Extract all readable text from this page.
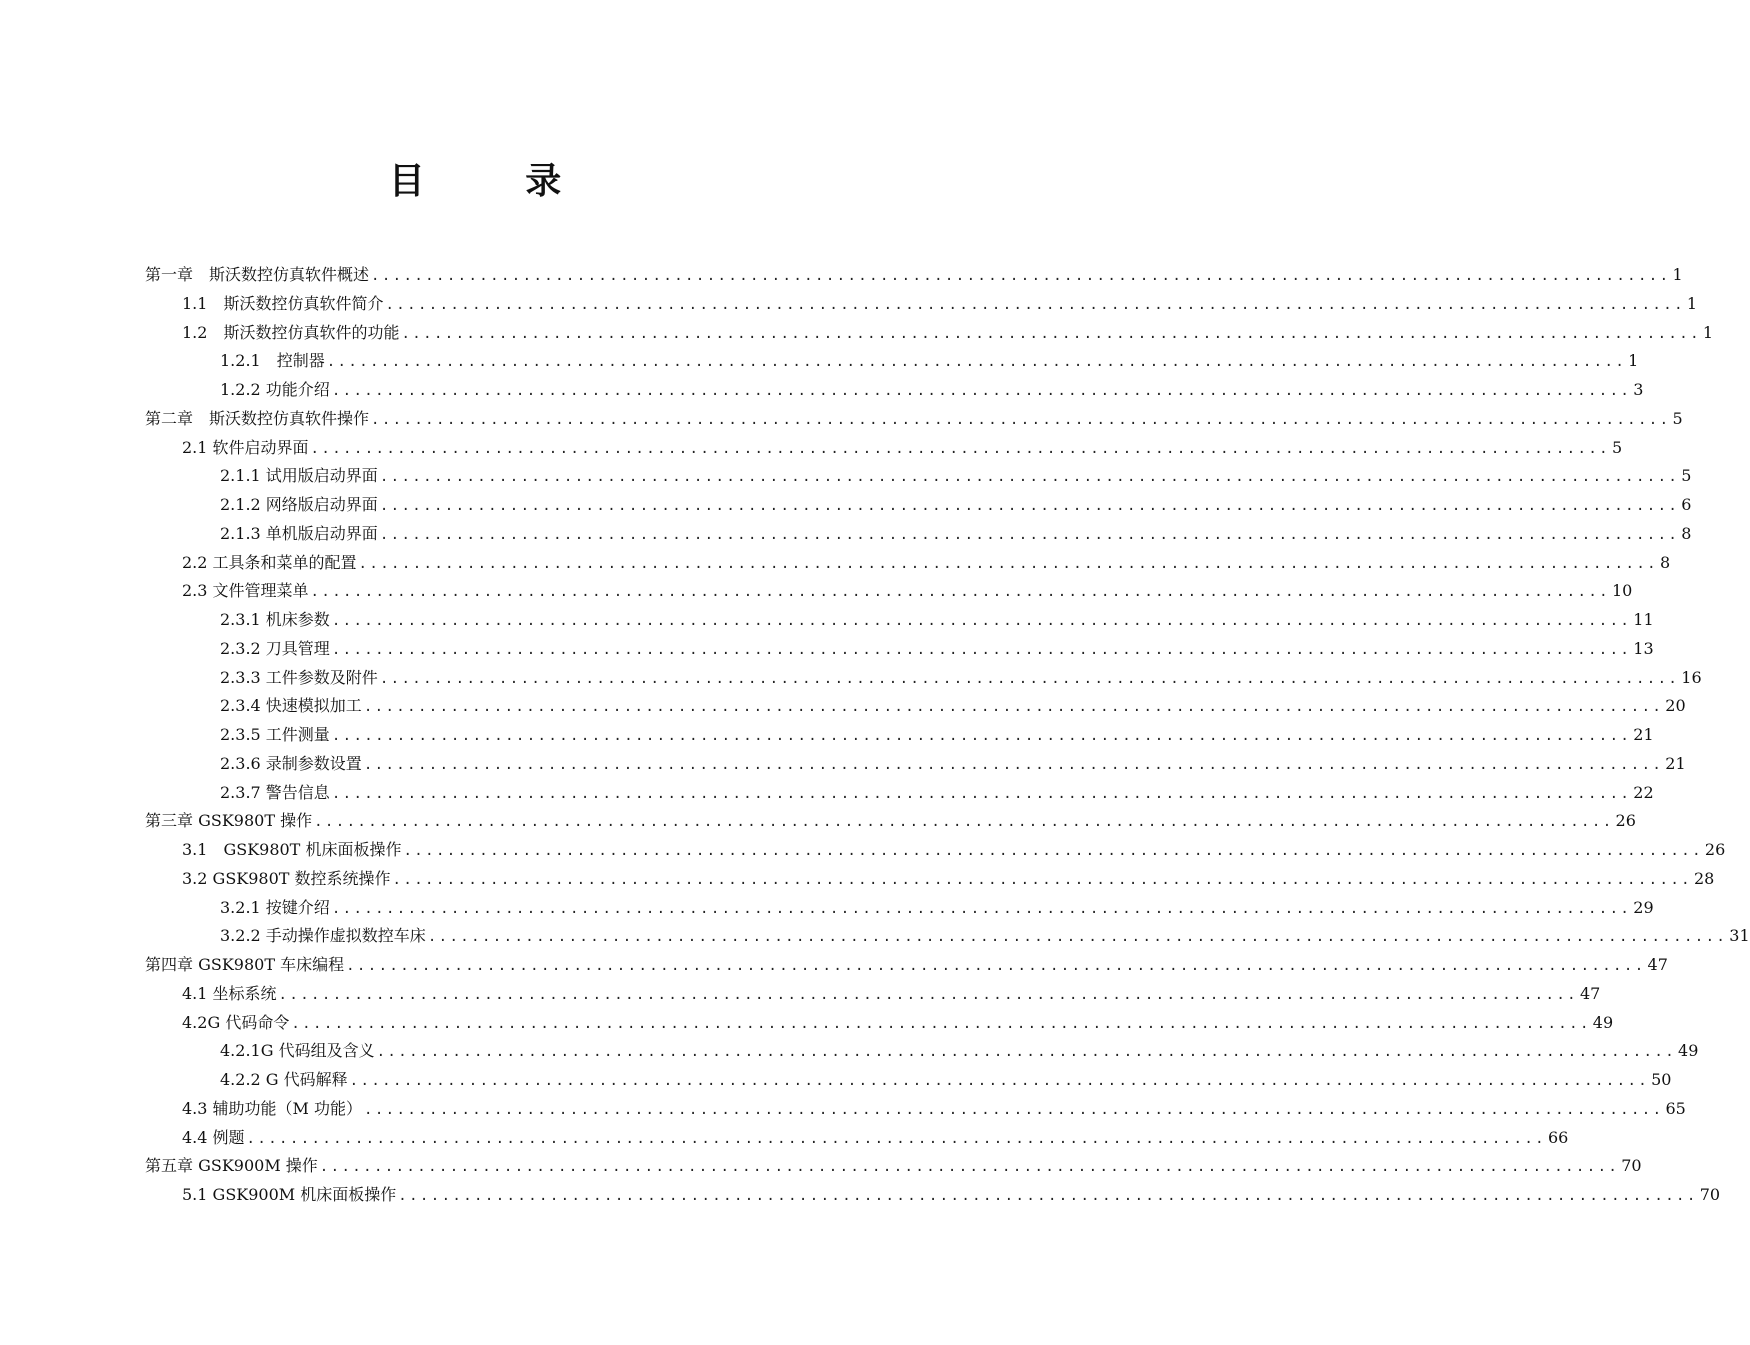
目 录
第一章　斯沃数控仿真软件概述 ........................................................................................................................ 1
1.1　斯沃数控仿真软件简介 ........................................................................................................................ 1
1.2　斯沃数控仿真软件的功能 ........................................................................................................................ 1
1.2.1　控制器 ........................................................................................................................ 1
1.2.2 功能介绍 ........................................................................................................................ 3
第二章　斯沃数控仿真软件操作 ........................................................................................................................ 5
2.1 软件启动界面 ........................................................................................................................ 5
2.1.1 试用版启动界面 ........................................................................................................................ 5
2.1.2 网络版启动界面 ........................................................................................................................ 6
2.1.3 单机版启动界面 ........................................................................................................................ 8
2.2 工具条和菜单的配置 ........................................................................................................................ 8
2.3 文件管理菜单 ........................................................................................................................ 10
2.3.1 机床参数 ........................................................................................................................ 11
2.3.2 刀具管理 ........................................................................................................................ 13
2.3.3 工件参数及附件 ........................................................................................................................ 16
2.3.4 快速模拟加工 ........................................................................................................................ 20
2.3.5 工件测量 ........................................................................................................................ 21
2.3.6 录制参数设置 ........................................................................................................................ 21
2.3.7 警告信息 ........................................................................................................................ 22
第三章 GSK980T 操作 ........................................................................................................................ 26
3.1　GSK980T 机床面板操作 ........................................................................................................................ 26
3.2 GSK980T 数控系统操作 ........................................................................................................................ 28
3.2.1 按键介绍 ........................................................................................................................ 29
3.2.2 手动操作虚拟数控车床 ........................................................................................................................ 31
第四章 GSK980T 车床编程 ........................................................................................................................ 47
4.1 坐标系统 ........................................................................................................................ 47
4.2G 代码命令 ........................................................................................................................ 49
4.2.1G 代码组及含义 ........................................................................................................................ 49
4.2.2 G 代码解释 ........................................................................................................................ 50
4.3 辅助功能（M 功能） ........................................................................................................................ 65
4.4 例题 ........................................................................................................................ 66
第五章 GSK900M 操作 ........................................................................................................................ 70
5.1 GSK900M 机床面板操作 ........................................................................................................................ 70
